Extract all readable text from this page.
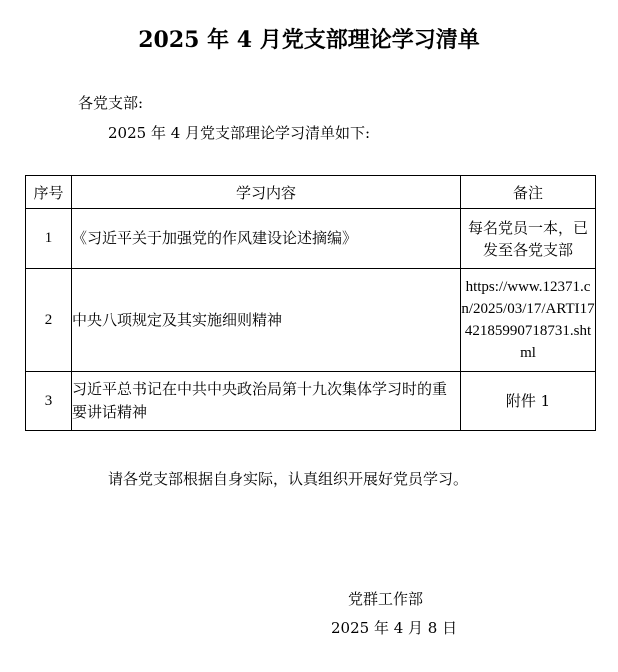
2025 年 4 月党支部理论学习清单
各党支部:
2025 年 4 月党支部理论学习清单如下:
序号	学习内容	备注
1	《习近平关于加强党的作风建设论述摘编》	每名党员一本，已发至各党支部
2	中央八项规定及其实施细则精神	https://www.12371.cn/2025/03/17/ARTI1742185990718731.shtml
3	习近平总书记在中共中央政治局第十九次集体学习时的重要讲话精神	附件 1
请各党支部根据自身实际，认真组织开展好党员学习。
党群工作部
2025 年 4 月 8 日
